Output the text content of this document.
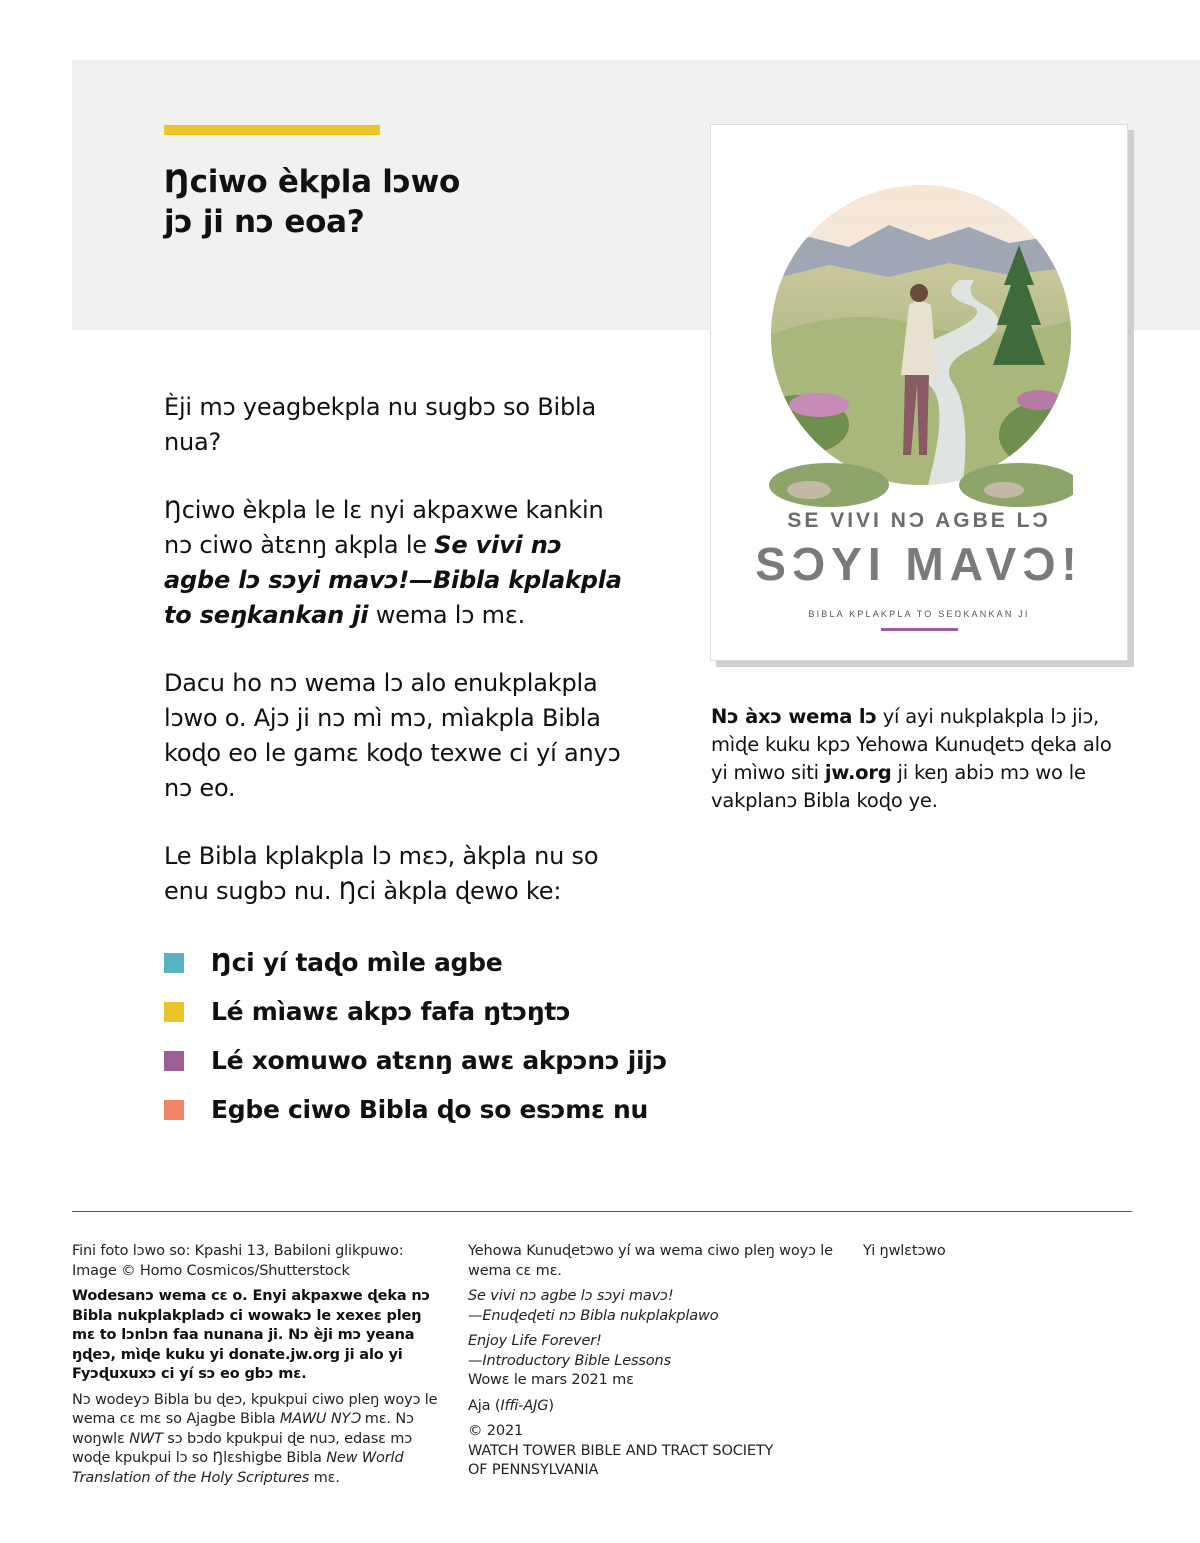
Ŋciwo èkpla lɔwo
jɔ ji nɔ eoa?

Èji mɔ yeagbekpla nu sugbɔ so Bibla nua?

Ŋciwo èkpla le lɛ nyi akpaxwe kankin nɔ ciwo àtɛnŋ akpla le Se vivi nɔ agbe lɔ sɔyi mavɔ!—Bibla kplakpla to seŋkankan ji wema lɔ mɛ.

Dacu ho nɔ wema lɔ alo enukplakpla lɔwo o. Ajɔ ji nɔ mì mɔ, mìakpla Bibla koɖo eo le gamɛ koɖo texwe ci yí anyɔ nɔ eo.

Le Bibla kplakpla lɔ mɛɔ, àkpla nu so enu sugbɔ nu. Ŋci àkpla ɖewo ke:

Ŋci yí taɖo mìle agbe
Lé mìawɛ akpɔ fafa ŋtɔŋtɔ
Lé xomuwo atɛnŋ awɛ akpɔnɔ jijɔ
Egbe ciwo Bibla ɖo so esɔmɛ nu
SE VIVI NƆ AGBE LƆ
SƆYI MAVƆ!
BIBLA KPLAKPLA TO SEŊKANKAN JI
Nɔ àxɔ wema lɔ yí ayi nukplakpla lɔ jiɔ, mìɖe kuku kpɔ Yehowa Kunuɖetɔ ɖeka alo yi mìwo siti jw.org ji keŋ abiɔ mɔ wo le vakplanɔ Bibla koɖo ye.

Fini foto lɔwo so: Kpashi 13, Babiloni glikpuwo: Image © Homo Cosmicos/Shutterstock

Wodesanɔ wema cɛ o. Enyi akpaxwe ɖeka nɔ Bibla nukplakpladɔ ci wowakɔ le xexeɛ pleŋ mɛ to lɔnlɔn faa nunana ji. Nɔ èji mɔ yeana ŋɖeɔ, mìɖe kuku yi donate.jw.org ji alo yi Fyɔɖuxuxɔ ci yí sɔ eo gbɔ mɛ.

Nɔ wodeyɔ Bibla bu ɖeɔ, kpukpui ciwo pleŋ woyɔ le wema cɛ mɛ so Ajagbe Bibla MAWU NYƆ mɛ. Nɔ woŋwlɛ NWT sɔ bɔdo kpukpui ɖe nuɔ, edasɛ mɔ woɖe kpukpui lɔ so Ŋlɛshigbe Bibla New World Translation of the Holy Scriptures mɛ.

Yehowa Kunuɖetɔwo yí wa wema ciwo pleŋ woyɔ le wema cɛ mɛ.

Se vivi nɔ agbe lɔ sɔyi mavɔ!
—Enuɖeɖeti nɔ Bibla nukplakplawo

Enjoy Life Forever!
—Introductory Bible Lessons
Wowɛ le mars 2021 mɛ

Aja (Iffi-AJG)

© 2021
WATCH TOWER BIBLE AND TRACT SOCIETY
OF PENNSYLVANIA

Yi ŋwlɛtɔwo
